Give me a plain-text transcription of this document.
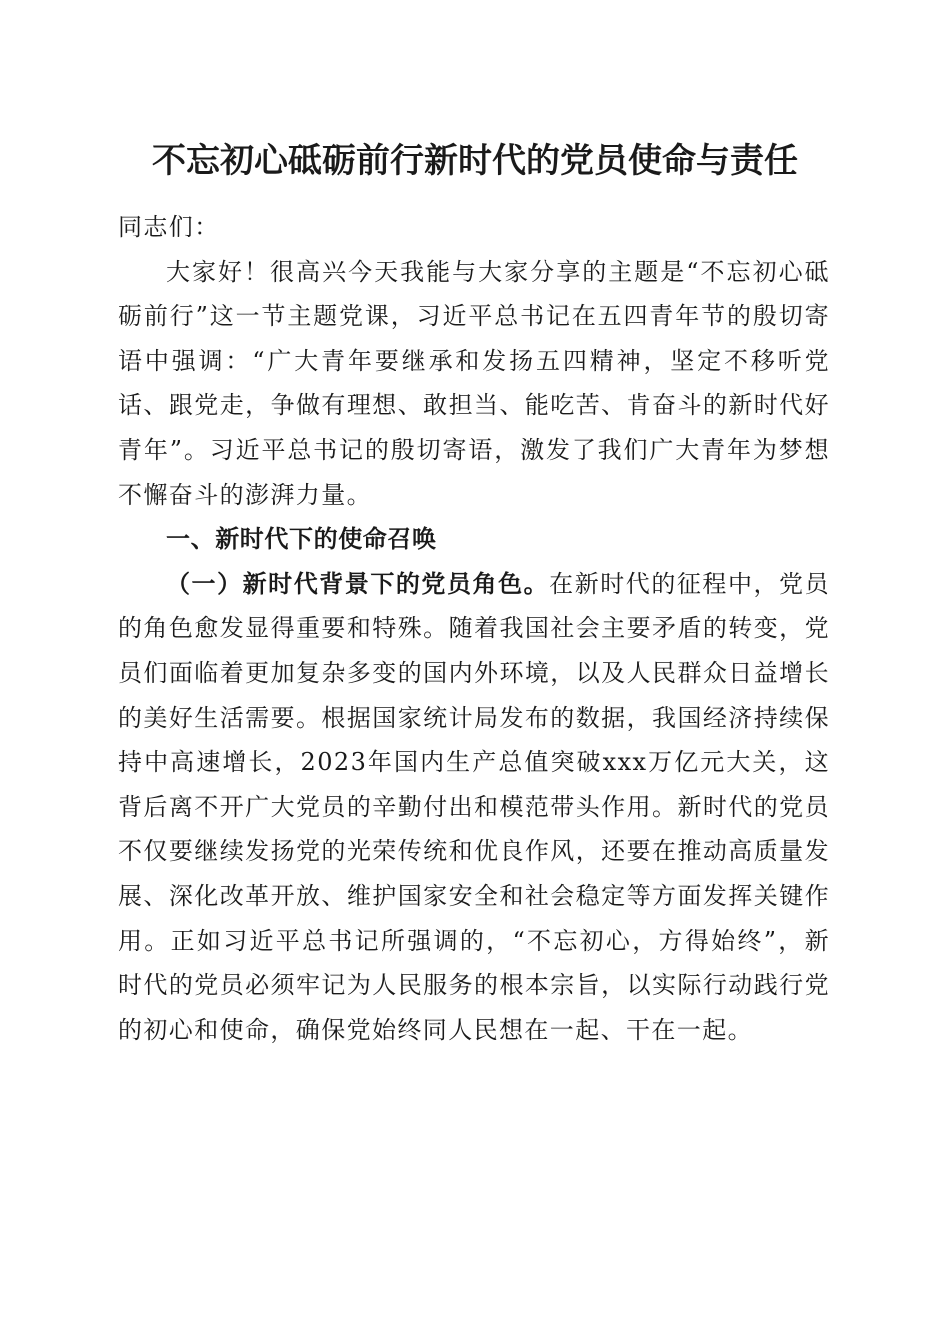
不忘初心砥砺前行新时代的党员使命与责任

同志们：

大家好！很高兴今天我能与大家分享的主题是“不忘初心砥砺前行”这一节主题党课，习近平总书记在五四青年节的殷切寄语中强调：“广大青年要继承和发扬五四精神，坚定不移听党话、跟党走，争做有理想、敢担当、能吃苦、肯奋斗的新时代好青年”。习近平总书记的殷切寄语，激发了我们广大青年为梦想不懈奋斗的澎湃力量。

一、新时代下的使命召唤

（一）新时代背景下的党员角色。在新时代的征程中，党员的角色愈发显得重要和特殊。随着我国社会主要矛盾的转变，党员们面临着更加复杂多变的国内外环境，以及人民群众日益增长的美好生活需要。根据国家统计局发布的数据，我国经济持续保持中高速增长，2023年国内生产总值突破xxx万亿元大关，这背后离不开广大党员的辛勤付出和模范带头作用。新时代的党员不仅要继续发扬党的光荣传统和优良作风，还要在推动高质量发展、深化改革开放、维护国家安全和社会稳定等方面发挥关键作用。正如习近平总书记所强调的，“不忘初心，方得始终”，新时代的党员必须牢记为人民服务的根本宗旨，以实际行动践行党的初心和使命，确保党始终同人民想在一起、干在一起。
